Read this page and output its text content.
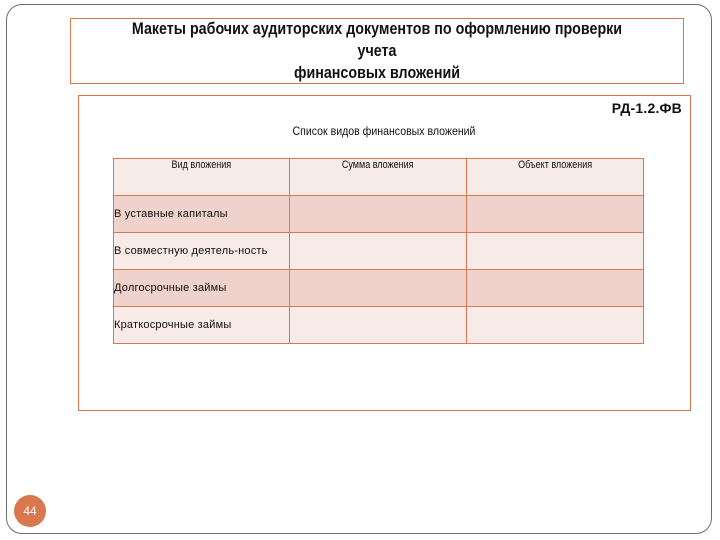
Макеты рабочих аудиторских документов по оформлению проверки учета
финансовых вложений
РД-1.2.ФВ
Список видов финансовых вложений
Вид вложения	Сумма вложения	Объект вложения
В уставные капиталы		
В совместную деятель-ность		
Долгосрочные займы		
Краткосрочные займы		
44
